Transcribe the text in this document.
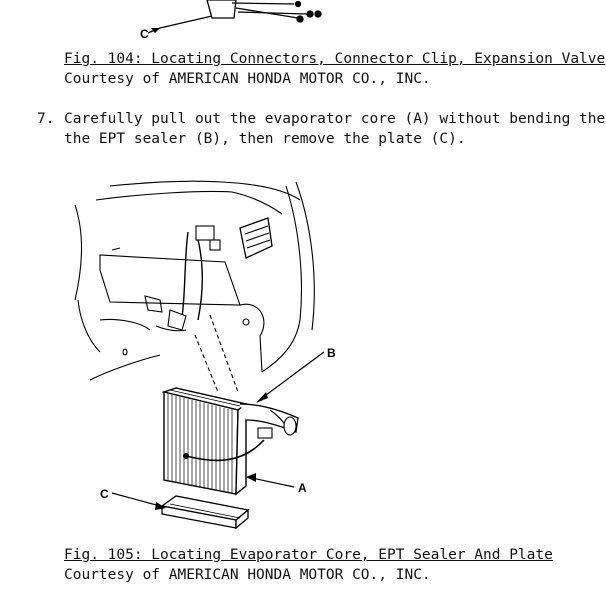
C
B
A
C
Fig. 104: Locating Connectors, Connector Clip, Expansion Valve
Courtesy of AMERICAN HONDA MOTOR CO., INC.
7. Carefully pull out the evaporator core (A) without bending the
the EPT sealer (B), then remove the plate (C).
Fig. 105: Locating Evaporator Core, EPT Sealer And Plate
Courtesy of AMERICAN HONDA MOTOR CO., INC.
